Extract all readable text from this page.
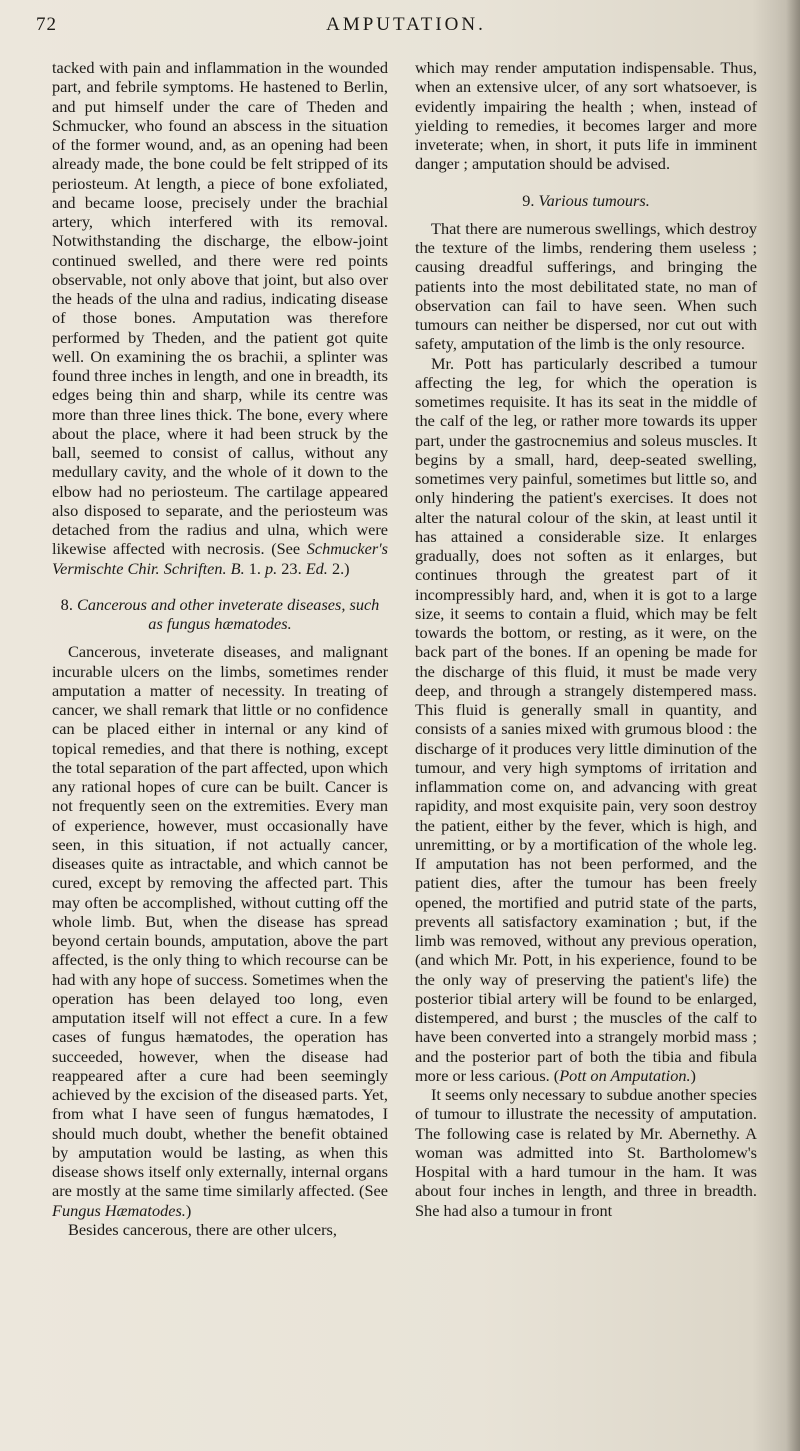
72	AMPUTATION.

tacked with pain and inflammation in the wounded part, and febrile symptoms. He hastened to Berlin, and put himself under the care of Theden and Schmucker, who found an abscess in the situation of the former wound, and, as an opening had been already made, the bone could be felt stripped of its periosteum. At length, a piece of bone exfoliated, and became loose, precisely under the brachial artery, which interfered with its removal. Notwithstanding the discharge, the elbow-joint continued swelled, and there were red points observable, not only above that joint, but also over the heads of the ulna and radius, indicating disease of those bones. Amputation was therefore performed by Theden, and the patient got quite well. On examining the os brachii, a splinter was found three inches in length, and one in breadth, its edges being thin and sharp, while its centre was more than three lines thick. The bone, every where about the place, where it had been struck by the ball, seemed to consist of callus, without any medullary cavity, and the whole of it down to the elbow had no periosteum. The cartilage appeared also disposed to separate, and the periosteum was detached from the radius and ulna, which were likewise affected with necrosis. (See Schmucker's Vermischte Chir. Schriften. B. 1. p. 23. Ed. 2.)

8. Cancerous and other inveterate diseases, such as fungus hæmatodes.

Cancerous, inveterate diseases, and malignant incurable ulcers on the limbs, sometimes render amputation a matter of necessity. In treating of cancer, we shall remark that little or no confidence can be placed either in internal or any kind of topical remedies, and that there is nothing, except the total separation of the part affected, upon which any rational hopes of cure can be built. Cancer is not frequently seen on the extremities. Every man of experience, however, must occasionally have seen, in this situation, if not actually cancer, diseases quite as intractable, and which cannot be cured, except by removing the affected part. This may often be accomplished, without cutting off the whole limb. But, when the disease has spread beyond certain bounds, amputation, above the part affected, is the only thing to which recourse can be had with any hope of success. Sometimes when the operation has been delayed too long, even amputation itself will not effect a cure. In a few cases of fungus hæmatodes, the operation has succeeded, however, when the disease had reappeared after a cure had been seemingly achieved by the excision of the diseased parts. Yet, from what I have seen of fungus hæmatodes, I should much doubt, whether the benefit obtained by amputation would be lasting, as when this disease shows itself only externally, internal organs are mostly at the same time similarly affected. (See Fungus Hæmatodes.)

Besides cancerous, there are other ulcers,

which may render amputation indispensable. Thus, when an extensive ulcer, of any sort whatsoever, is evidently impairing the health ; when, instead of yielding to remedies, it becomes larger and more inveterate; when, in short, it puts life in imminent danger ; amputation should be advised.

9. Various tumours.

That there are numerous swellings, which destroy the texture of the limbs, rendering them useless ; causing dreadful sufferings, and bringing the patients into the most debilitated state, no man of observation can fail to have seen. When such tumours can neither be dispersed, nor cut out with safety, amputation of the limb is the only resource.

Mr. Pott has particularly described a tumour affecting the leg, for which the operation is sometimes requisite. It has its seat in the middle of the calf of the leg, or rather more towards its upper part, under the gastrocnemius and soleus muscles. It begins by a small, hard, deep-seated swelling, sometimes very painful, sometimes but little so, and only hindering the patient's exercises. It does not alter the natural colour of the skin, at least until it has attained a considerable size. It enlarges gradually, does not soften as it enlarges, but continues through the greatest part of it incompressibly hard, and, when it is got to a large size, it seems to contain a fluid, which may be felt towards the bottom, or resting, as it were, on the back part of the bones. If an opening be made for the discharge of this fluid, it must be made very deep, and through a strangely distempered mass. This fluid is generally small in quantity, and consists of a sanies mixed with grumous blood : the discharge of it produces very little diminution of the tumour, and very high symptoms of irritation and inflammation come on, and advancing with great rapidity, and most exquisite pain, very soon destroy the patient, either by the fever, which is high, and unremitting, or by a mortification of the whole leg. If amputation has not been performed, and the patient dies, after the tumour has been freely opened, the mortified and putrid state of the parts, prevents all satisfactory examination ; but, if the limb was removed, without any previous operation, (and which Mr. Pott, in his experience, found to be the only way of preserving the patient's life) the posterior tibial artery will be found to be enlarged, distempered, and burst ; the muscles of the calf to have been converted into a strangely morbid mass ; and the posterior part of both the tibia and fibula more or less carious. (Pott on Amputation.)

It seems only necessary to subdue another species of tumour to illustrate the necessity of amputation. The following case is related by Mr. Abernethy. A woman was admitted into St. Bartholomew's Hospital with a hard tumour in the ham. It was about four inches in length, and three in breadth. She had also a tumour in front
